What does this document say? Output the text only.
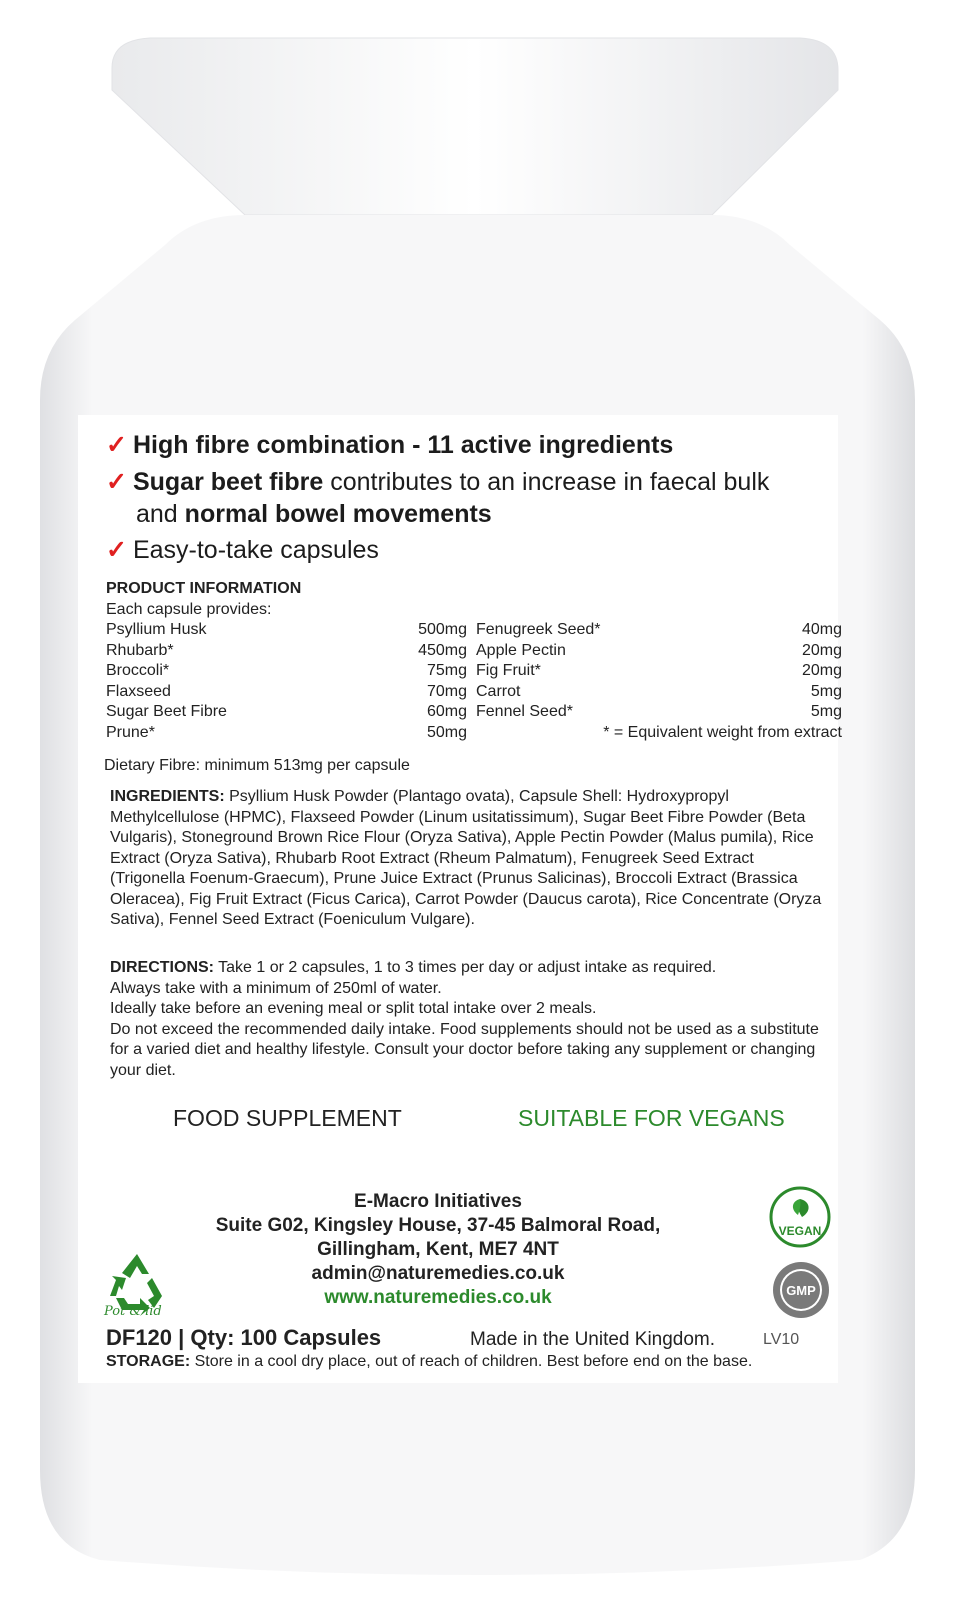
✓ High fibre combination - 11 active ingredients
✓ Sugar beet fibre contributes to an increase in faecal bulk
and normal bowel movements
✓ Easy-to-take capsules
PRODUCT INFORMATION
Each capsule provides:
Psyllium Husk	500mg Fenugreek Seed*	40mg
Rhubarb*	450mg Apple Pectin	20mg
Broccoli*	75mg Fig Fruit*	20mg
Flaxseed	70mg Carrot	5mg
Sugar Beet Fibre	60mg Fennel Seed*	5mg
Prune*	50mg	* = Equivalent weight from extract
Dietary Fibre: minimum 513mg per capsule
INGREDIENTS: Psyllium Husk Powder (Plantago ovata), Capsule Shell: Hydroxypropyl Methylcellulose (HPMC), Flaxseed Powder (Linum usitatissimum), Sugar Beet Fibre Powder (Beta Vulgaris), Stoneground Brown Rice Flour (Oryza Sativa), Apple Pectin Powder (Malus pumila), Rice Extract (Oryza Sativa), Rhubarb Root Extract (Rheum Palmatum), Fenugreek Seed Extract (Trigonella Foenum-Graecum), Prune Juice Extract (Prunus Salicinas), Broccoli Extract (Brassica Oleracea), Fig Fruit Extract (Ficus Carica), Carrot Powder (Daucus carota), Rice Concentrate (Oryza Sativa), Fennel Seed Extract (Foeniculum Vulgare).
DIRECTIONS: Take 1 or 2 capsules, 1 to 3 times per day or adjust intake as required.
Always take with a minimum of 250ml of water.
Ideally take before an evening meal or split total intake over 2 meals.
Do not exceed the recommended daily intake. Food supplements should not be used as a substitute for a varied diet and healthy lifestyle. Consult your doctor before taking any supplement or changing your diet.
FOOD SUPPLEMENT	SUITABLE FOR VEGANS
E-Macro Initiatives
Suite G02, Kingsley House, 37-45 Balmoral Road,
Gillingham, Kent, ME7 4NT
admin@naturemedies.co.uk
www.naturemedies.co.uk
Pot & lid
VEGAN
GMP
DF120 | Qty: 100 Capsules	Made in the United Kingdom.	LV10
STORAGE: Store in a cool dry place, out of reach of children. Best before end on the base.
